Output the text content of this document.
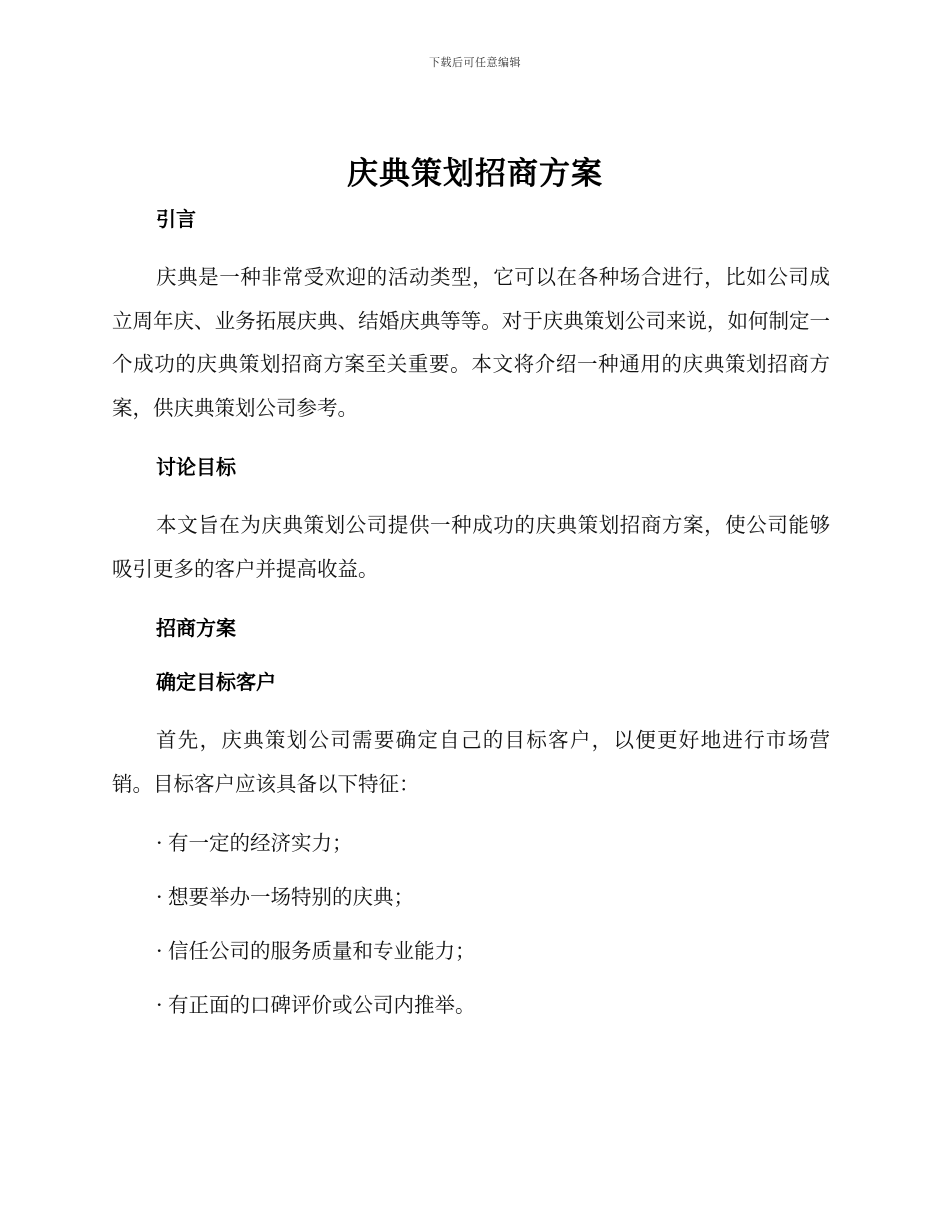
下载后可任意编辑
庆典策划招商方案

引言

庆典是一种非常受欢迎的活动类型，它可以在各种场合进行，比如公司成立周年庆、业务拓展庆典、结婚庆典等等。对于庆典策划公司来说，如何制定一个成功的庆典策划招商方案至关重要。本文将介绍一种通用的庆典策划招商方案，供庆典策划公司参考。

讨论目标

本文旨在为庆典策划公司提供一种成功的庆典策划招商方案，使公司能够吸引更多的客户并提高收益。

招商方案

确定目标客户

首先，庆典策划公司需要确定自己的目标客户，以便更好地进行市场营销。目标客户应该具备以下特征：

· 有一定的经济实力；

· 想要举办一场特别的庆典；

· 信任公司的服务质量和专业能力；

· 有正面的口碑评价或公司内推举。
